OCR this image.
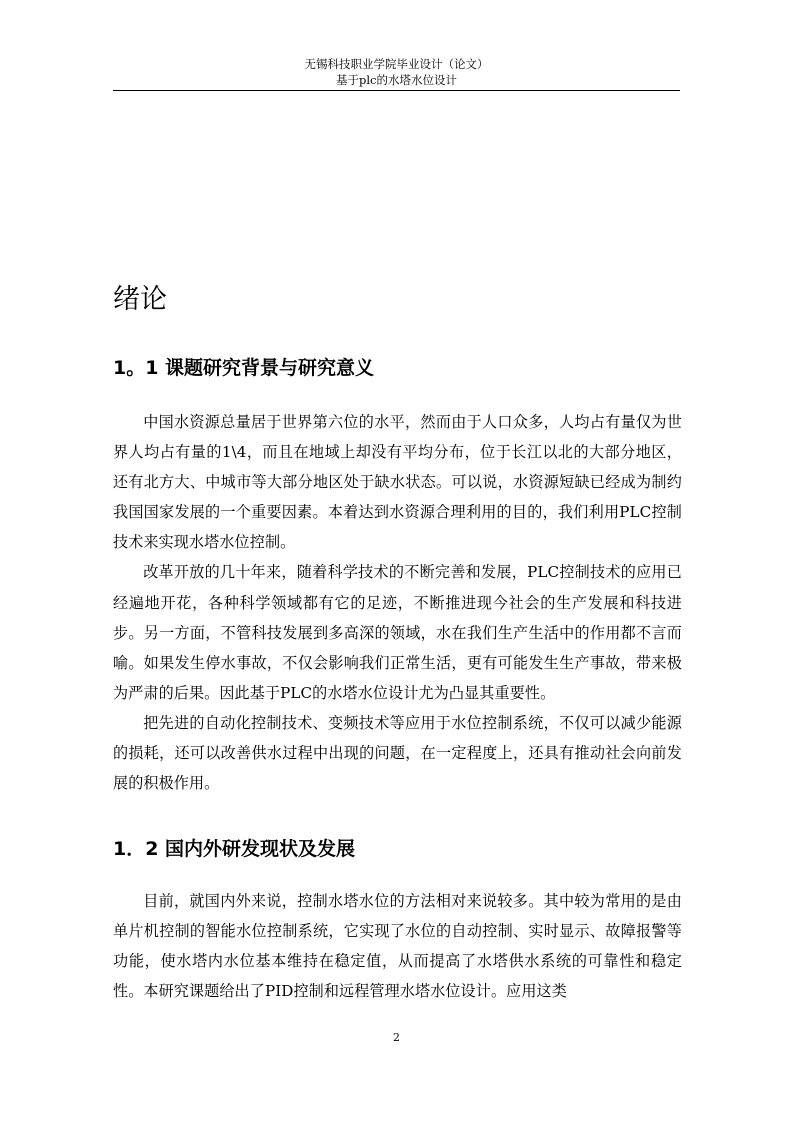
无锡科技职业学院毕业设计（论文）
基于plc的水塔水位设计
绪论
1。1 课题研究背景与研究意义

中国水资源总量居于世界第六位的水平，然而由于人口众多，人均占有量仅为世界人均占有量的1\4，而且在地域上却没有平均分布，位于长江以北的大部分地区，还有北方大、中城市等大部分地区处于缺水状态。可以说，水资源短缺已经成为制约我国国家发展的一个重要因素。本着达到水资源合理利用的目的，我们利用PLC控制技术来实现水塔水位控制。

改革开放的几十年来，随着科学技术的不断完善和发展，PLC控制技术的应用已经遍地开花，各种科学领域都有它的足迹，不断推进现今社会的生产发展和科技进步。另一方面，不管科技发展到多高深的领域，水在我们生产生活中的作用都不言而喻。如果发生停水事故，不仅会影响我们正常生活，更有可能发生生产事故，带来极为严肃的后果。因此基于PLC的水塔水位设计尤为凸显其重要性。

把先进的自动化控制技术、变频技术等应用于水位控制系统，不仅可以减少能源的损耗，还可以改善供水过程中出现的问题，在一定程度上，还具有推动社会向前发展的积极作用。

1．2 国内外研发现状及发展

目前，就国内外来说，控制水塔水位的方法相对来说较多。其中较为常用的是由单片机控制的智能水位控制系统，它实现了水位的自动控制、实时显示、故障报警等功能，使水塔内水位基本维持在稳定值，从而提高了水塔供水系统的可靠性和稳定性。本研究课题给出了PID控制和远程管理水塔水位设计。应用这类

2
